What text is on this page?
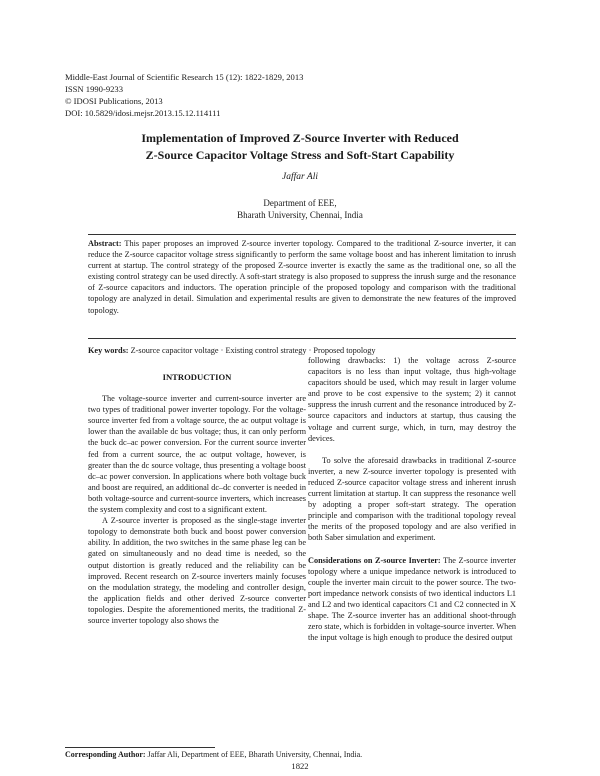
Middle-East Journal of Scientific Research 15 (12): 1822-1829, 2013
ISSN 1990-9233
© IDOSI Publications, 2013
DOI: 10.5829/idosi.mejsr.2013.15.12.114111
Implementation of Improved Z-Source Inverter with Reduced
Z-Source Capacitor Voltage Stress and Soft-Start Capability
Jaffar Ali
Department of EEE,
Bharath University, Chennai, India
Abstract: This paper proposes an improved Z-source inverter topology. Compared to the traditional Z-source inverter, it can reduce the Z-source capacitor voltage stress significantly to perform the same voltage boost and has inherent limitation to inrush current at startup. The control strategy of the proposed Z-source inverter is exactly the same as the traditional one, so all the existing control strategy can be used directly. A soft-start strategy is also proposed to suppress the inrush surge and the resonance of Z-source capacitors and inductors. The operation principle of the proposed topology and comparison with the traditional topology are analyzed in detail. Simulation and experimental results are given to demonstrate the new features of the improved topology.
Key words: Z-source capacitor voltage · Existing control strategy · Proposed topology
INTRODUCTION

The voltage-source inverter and current-source inverter are two types of traditional power inverter topology. For the voltage-source inverter fed from a voltage source, the ac output voltage is lower than the available dc bus voltage; thus, it can only perform the buck dc–ac power conversion. For the current source inverter fed from a current source, the ac output voltage, however, is greater than the dc source voltage, thus presenting a voltage boost dc–ac power conversion. In applications where both voltage buck and boost are required, an additional dc–dc converter is needed in both voltage-source and current-source inverters, which increases the system complexity and cost to a significant extent.

A Z-source inverter is proposed as the single-stage inverter topology to demonstrate both buck and boost power conversion ability. In addition, the two switches in the same phase leg can be gated on simultaneously and no dead time is needed, so the output distortion is greatly reduced and the reliability can be improved. Recent research on Z-source inverters mainly focuses on the modulation strategy, the modeling and controller design, the application fields and other derived Z-source converter topologies. Despite the aforementioned merits, the traditional Z-source inverter topology also shows the

following drawbacks: 1) the voltage across Z-source capacitors is no less than input voltage, thus high-voltage capacitors should be used, which may result in larger volume and prove to be cost expensive to the system; 2) it cannot suppress the inrush current and the resonance introduced by Z-source capacitors and inductors at startup, thus causing the voltage and current surge, which, in turn, may destroy the devices.

To solve the aforesaid drawbacks in traditional Z-source inverter, a new Z-source inverter topology is presented with reduced Z-source capacitor voltage stress and inherent inrush current limitation at startup. It can suppress the resonance well by adopting a proper soft-start strategy. The operation principle and comparison with the traditional topology reveal the merits of the proposed topology and are also verified in both Saber simulation and experiment.

Considerations on Z-source Inverter: The Z-source inverter topology where a unique impedance network is introduced to couple the inverter main circuit to the power source. The two-port impedance network consists of two identical inductors L1 and L2 and two identical capacitors C1 and C2 connected in X shape. The Z-source inverter has an additional shoot-through zero state, which is forbidden in voltage-source inverter. When the input voltage is high enough to produce the desired output

Corresponding Author: Jaffar Ali, Department of EEE, Bharath University, Chennai, India.
1822
